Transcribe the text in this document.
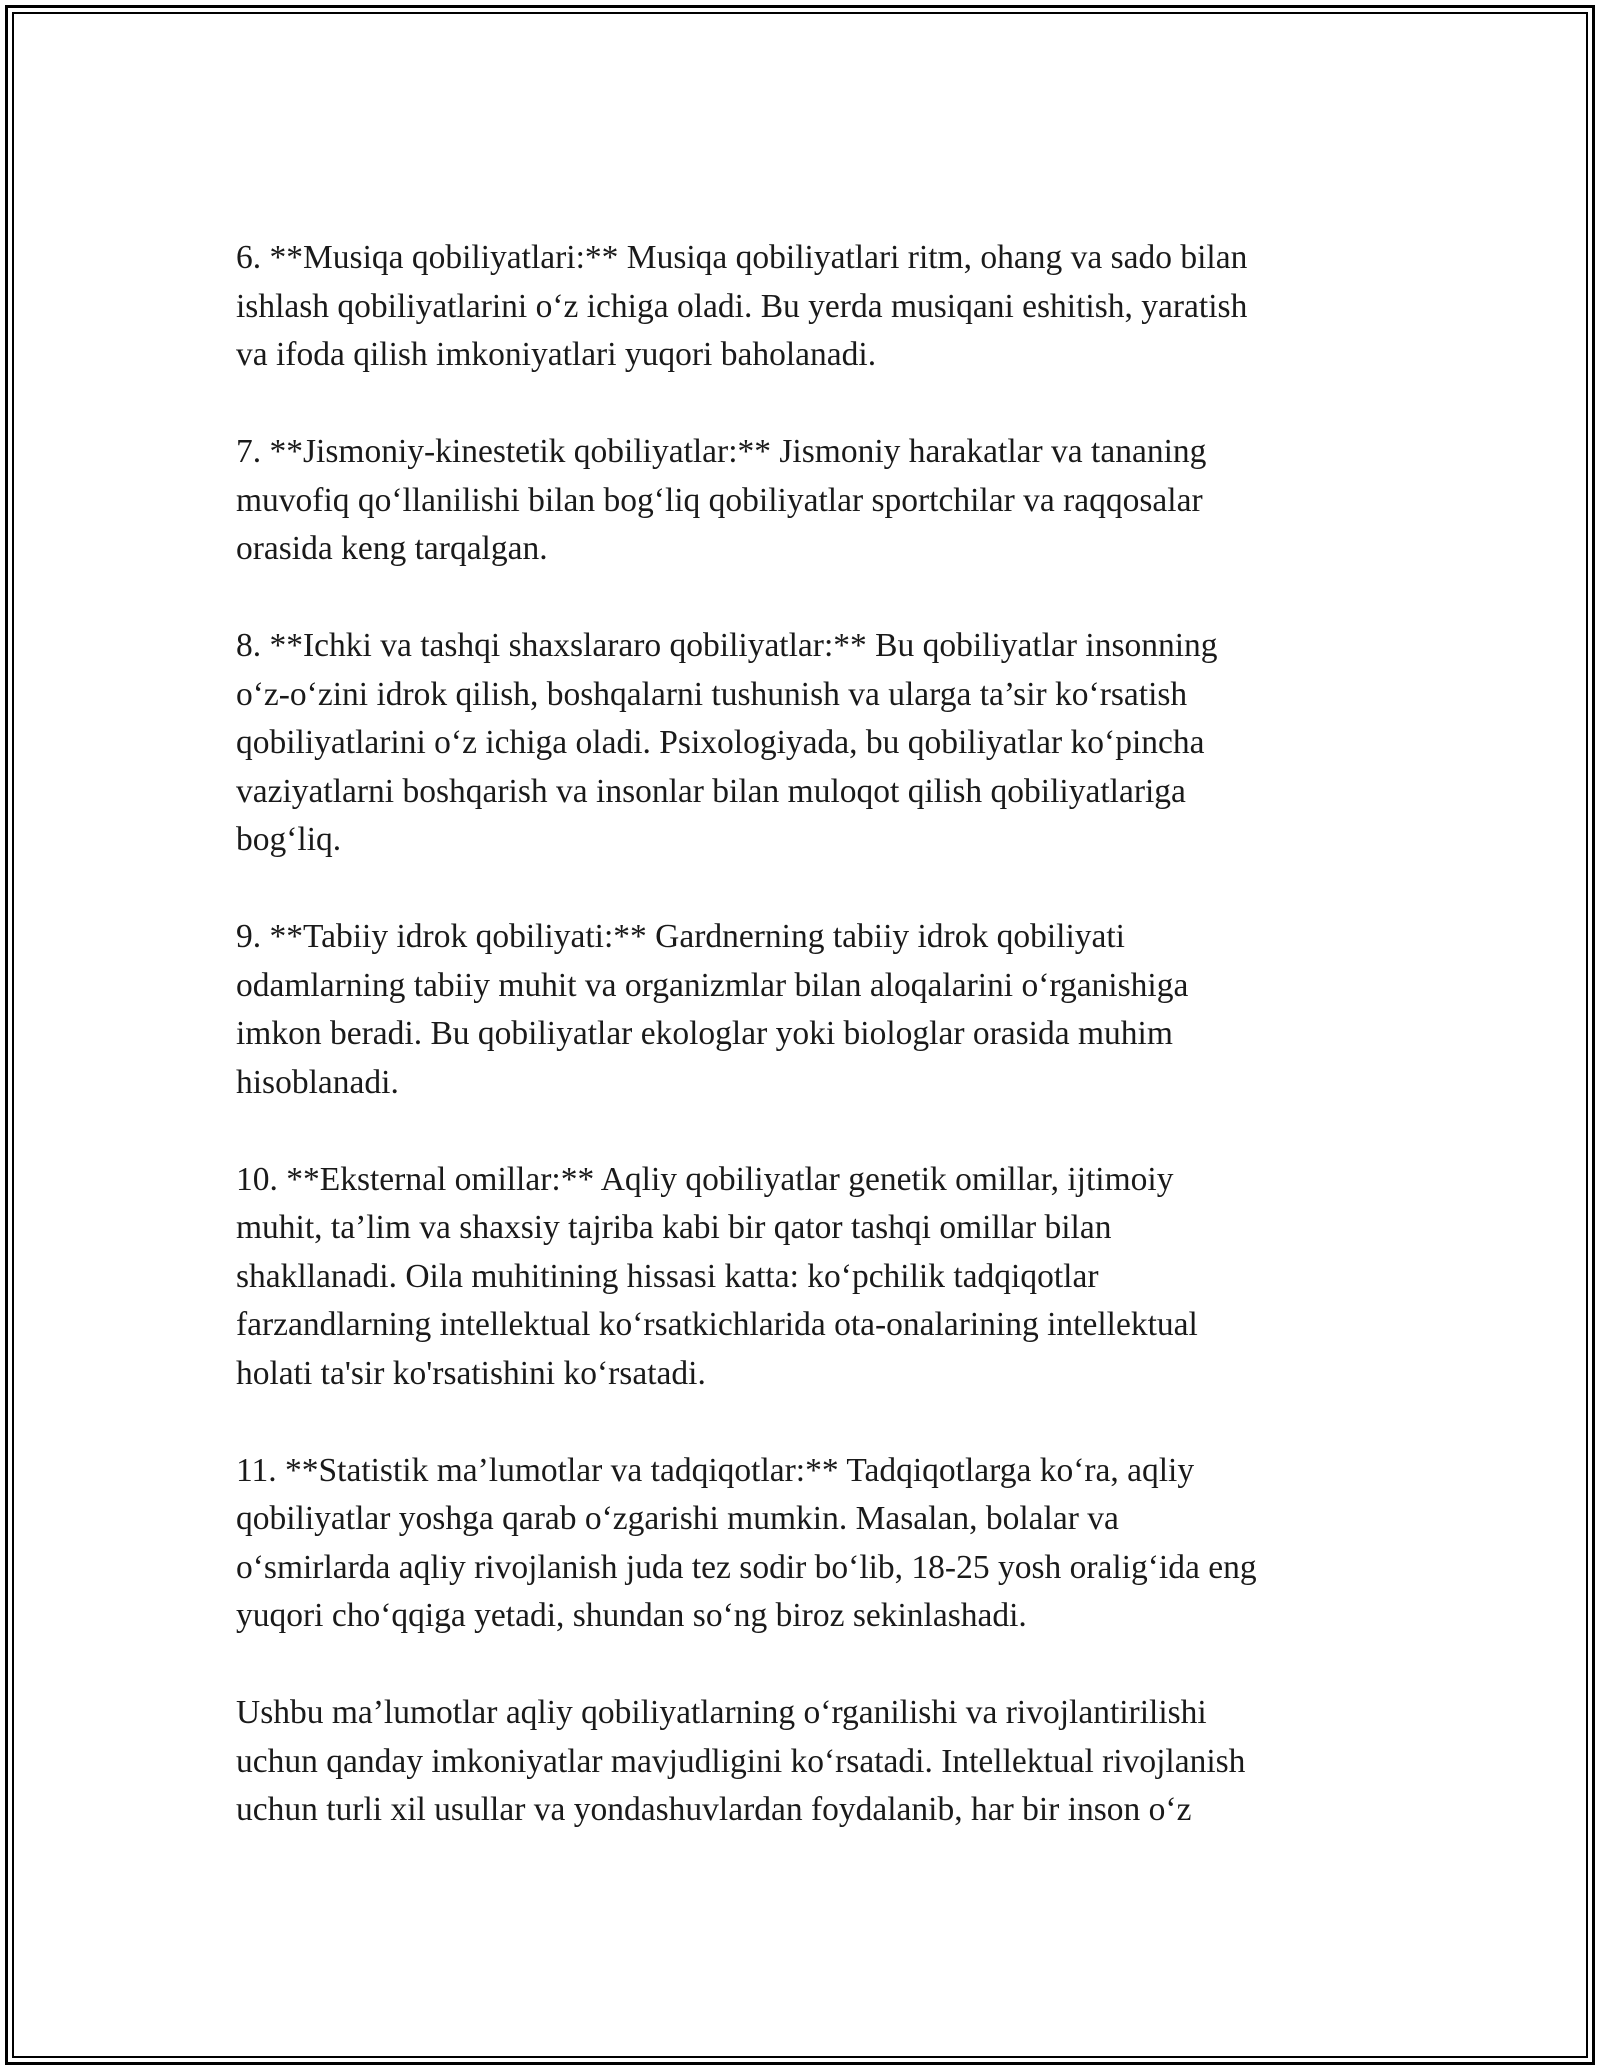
6. **Musiqa qobiliyatlari:** Musiqa qobiliyatlari ritm, ohang va sado bilan
ishlash qobiliyatlarini o‘z ichiga oladi. Bu yerda musiqani eshitish, yaratish
va ifoda qilish imkoniyatlari yuqori baholanadi.

7. **Jismoniy-kinestetik qobiliyatlar:** Jismoniy harakatlar va tananing
muvofiq qo‘llanilishi bilan bog‘liq qobiliyatlar sportchilar va raqqosalar
orasida keng tarqalgan.

8. **Ichki va tashqi shaxslararo qobiliyatlar:** Bu qobiliyatlar insonning
o‘z-o‘zini idrok qilish, boshqalarni tushunish va ularga ta’sir ko‘rsatish
qobiliyatlarini o‘z ichiga oladi. Psixologiyada, bu qobiliyatlar ko‘pincha
vaziyatlarni boshqarish va insonlar bilan muloqot qilish qobiliyatlariga
bog‘liq.

9. **Tabiiy idrok qobiliyati:** Gardnerning tabiiy idrok qobiliyati
odamlarning tabiiy muhit va organizmlar bilan aloqalarini o‘rganishiga
imkon beradi. Bu qobiliyatlar ekologlar yoki biologlar orasida muhim
hisoblanadi.

10. **Eksternal omillar:** Aqliy qobiliyatlar genetik omillar, ijtimoiy
muhit, ta’lim va shaxsiy tajriba kabi bir qator tashqi omillar bilan
shakllanadi. Oila muhitining hissasi katta: ko‘pchilik tadqiqotlar
farzandlarning intellektual ko‘rsatkichlarida ota-onalarining intellektual
holati ta'sir ko'rsatishini ko‘rsatadi.

11. **Statistik ma’lumotlar va tadqiqotlar:** Tadqiqotlarga ko‘ra, aqliy
qobiliyatlar yoshga qarab o‘zgarishi mumkin. Masalan, bolalar va
o‘smirlarda aqliy rivojlanish juda tez sodir bo‘lib, 18-25 yosh oralig‘ida eng
yuqori cho‘qqiga yetadi, shundan so‘ng biroz sekinlashadi.

Ushbu ma’lumotlar aqliy qobiliyatlarning o‘rganilishi va rivojlantirilishi
uchun qanday imkoniyatlar mavjudligini ko‘rsatadi. Intellektual rivojlanish
uchun turli xil usullar va yondashuvlardan foydalanib, har bir inson o‘z
